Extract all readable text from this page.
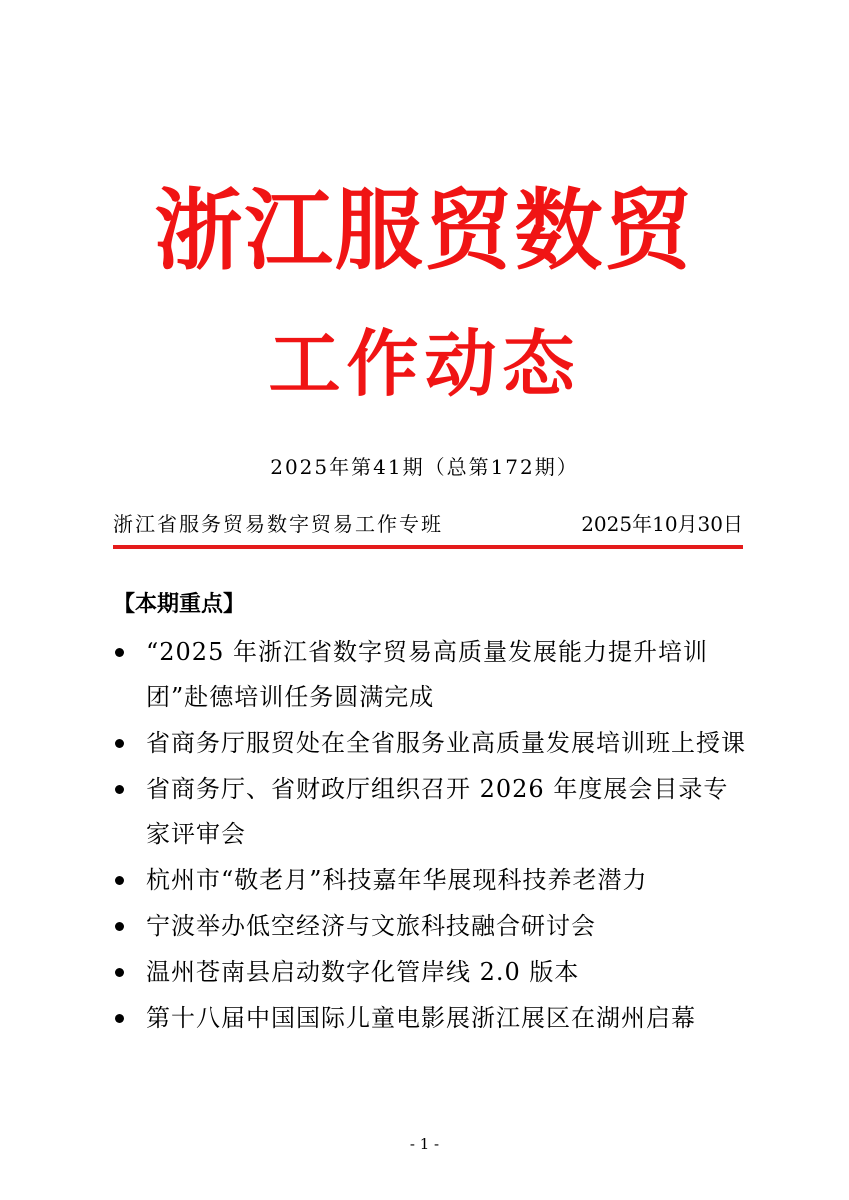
浙江服贸数贸
工作动态
2025年第41期（总第172期）
浙江省服务贸易数字贸易工作专班	2025年10月30日
【本期重点】
“2025 年浙江省数字贸易高质量发展能力提升培训团”赴德培训任务圆满完成
省商务厅服贸处在全省服务业高质量发展培训班上授课
省商务厅、省财政厅组织召开 2026 年度展会目录专家评审会
杭州市“敬老月”科技嘉年华展现科技养老潜力
宁波举办低空经济与文旅科技融合研讨会
温州苍南县启动数字化管岸线 2.0 版本
第十八届中国国际儿童电影展浙江展区在湖州启幕
- 1 -
